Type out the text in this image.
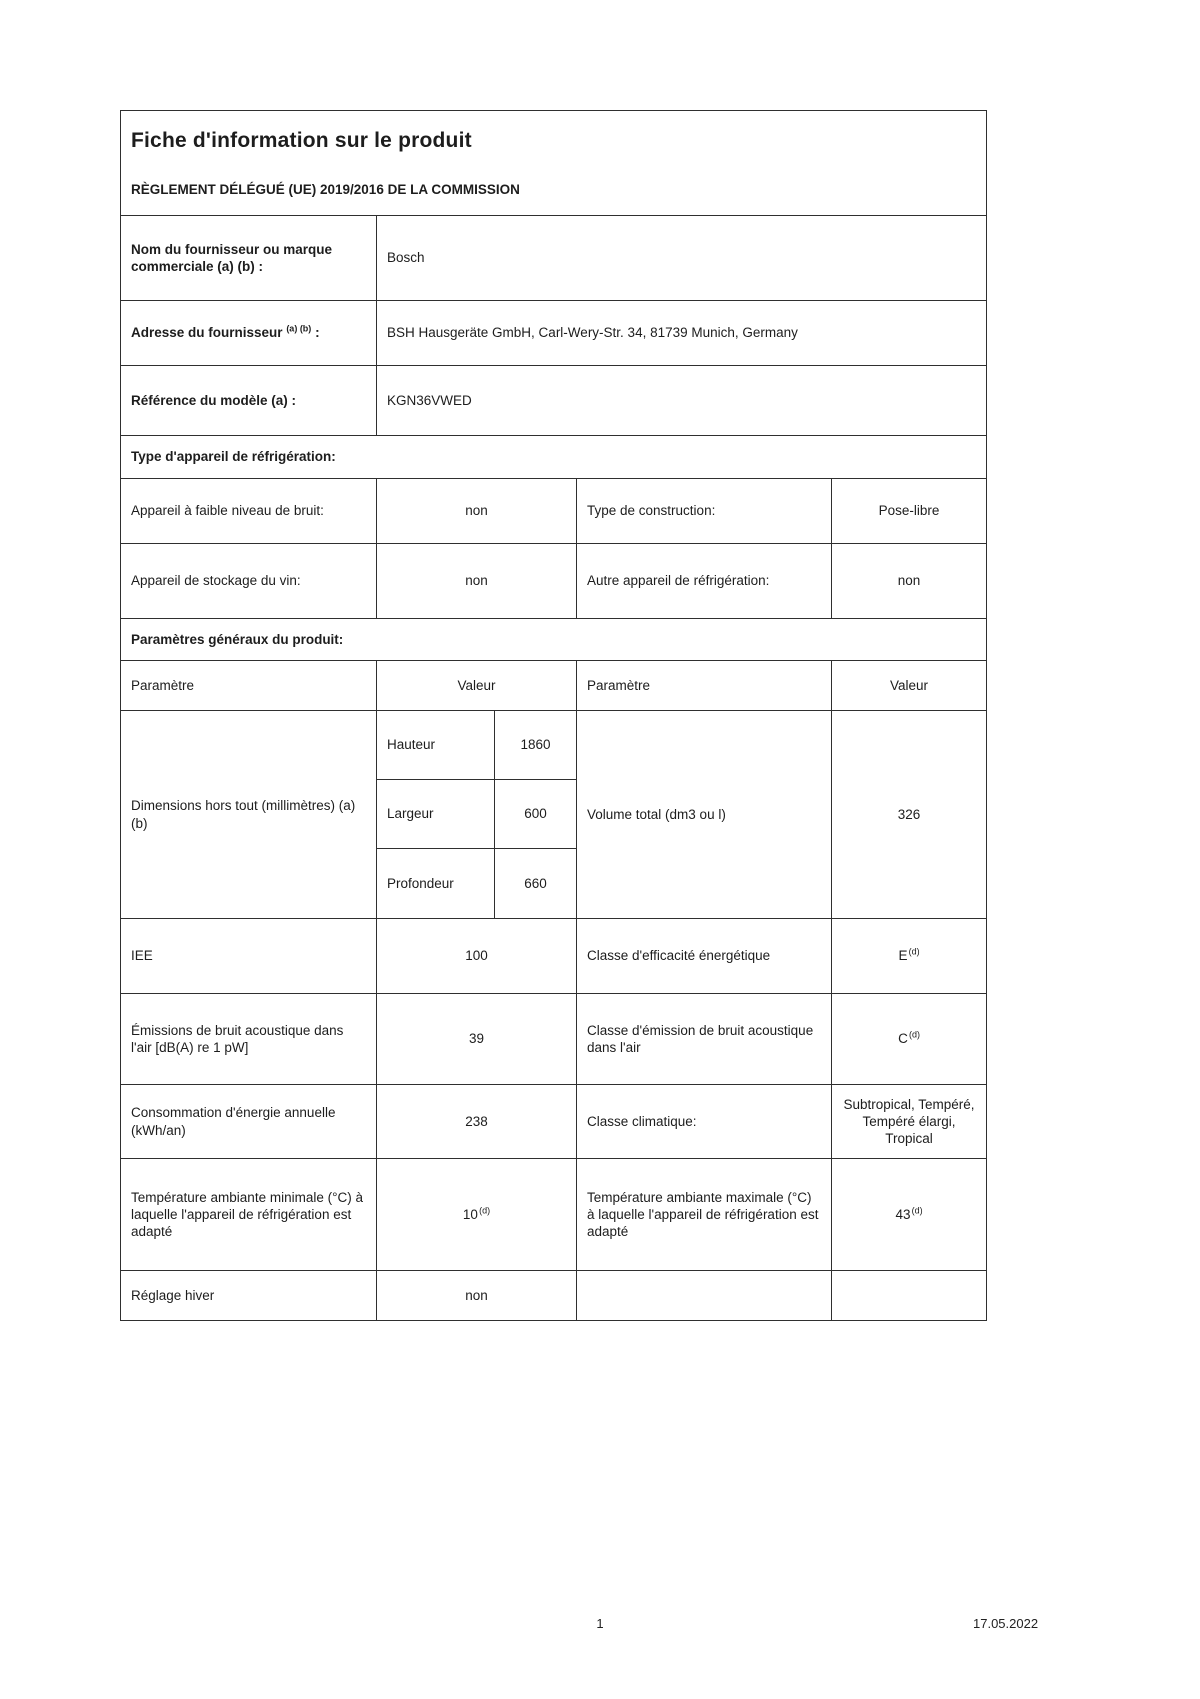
Fiche d'information sur le produit
RÈGLEMENT DÉLÉGUÉ (UE) 2019/2016 DE LA COMMISSION				

Nom du fournisseur ou marque commerciale (a) (b) :	Bosch			
Adresse du fournisseur $^{(a) (b)}$ :	BSH Hausgeräte GmbH, Carl-Wery-Str. 34, 81739 Munich, Germany			
Référence du modèle (a) :	KGN36VWED			
Type d'appareil de réfrigération:				
Appareil à faible niveau de bruit:	non		Type de construction:	Pose-libre
Appareil de stockage du vin:	non		Autre appareil de réfrigération:	non
Paramètres généraux du produit:				
Paramètre	Valeur		Paramètre	Valeur
Dimensions hors tout (millimètres) (a) (b)	Hauteur	1860	Volume total (dm3 ou l)	326
	Largeur	600		
	Profondeur	660		
IEE	100		Classe d'efficacité énergétique	E $^{(d)}$
Émissions de bruit acoustique dans l'air [dB(A) re 1 pW]	39		Classe d'émission de bruit acoustique dans l'air	C $^{(d)}$
Consommation d'énergie annuelle (kWh/an)	238		Classe climatique:	Subtropical, Tempéré, Tempéré élargi, Tropical
Température ambiante minimale (°C) à laquelle l'appareil de réfrigération est adapté	10 $^{(d)}$		Température ambiante maximale (°C) à laquelle l'appareil de réfrigération est adapté	43 $^{(d)}$
Réglage hiver	non			
1	17.05.2022
